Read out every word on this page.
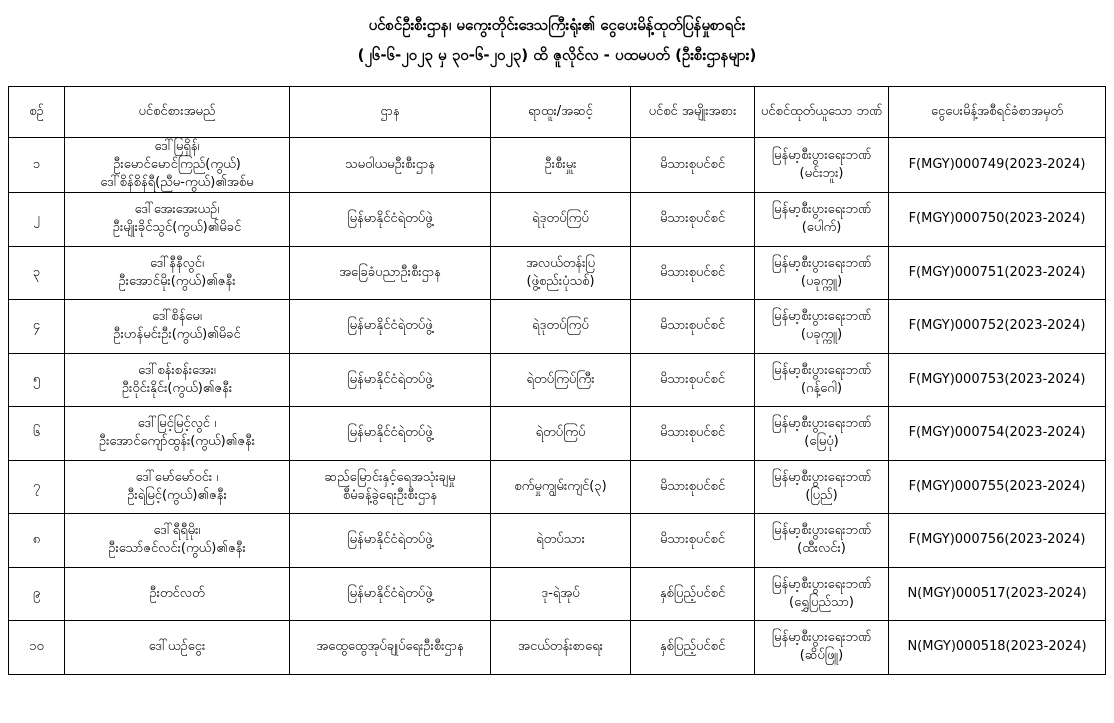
ပင်စင်ဦးစီးဌာန၊ မကွေးတိုင်းဒေသကြီးရုံး၏ ငွေပေးမိန့်ထုတ်ပြန်မှုစာရင်း
(၂၆-၆-၂၀၂၃ မှ ၃၀-၆-၂၀၂၃) ထိ ဇူလိုင်လ - ပထမပတ် (ဦးစီးဌာနများ)
စဉ်	ပင်စင်စားအမည်	ဌာန	ရာထူး/အဆင့်	ပင်စင် အမျိုးအစား	ပင်စင်ထုတ်ယူသော ဘဏ်	ငွေပေးမိန့်အစီရင်ခံစာအမှတ်
၁	ဒေါ်မြရှိန်၊
ဦးမောင်မောင်ကြည်(ကွယ်)
ဒေါ်စိန်စိန်ရီ(ညီမ-ကွယ်)၏အစ်မ	သမဝါယမဦးစီးဌာန	ဦးစီးမှူး	မိသားစုပင်စင်	မြန်မာ့စီးပွားရေးဘဏ်
(မင်းဘူး)	F(MGY)000749(2023-2024)
၂	ဒေါ်အေးအေးယဉ်၊
ဦးမျိုးခိုင်သွင်(ကွယ်)၏မိခင်	မြန်မာနိုင်ငံရဲတပ်ဖွဲ့	ရဲဒုတပ်ကြပ်	မိသားစုပင်စင်	မြန်မာ့စီးပွားရေးဘဏ်
(ပေါက်)	F(MGY)000750(2023-2024)
၃	ဒေါ်နီနီလွင်၊
ဦးအောင်မိုး(ကွယ်)၏ဇနီး	အခြေခံပညာဦးစီးဌာန	အလယ်တန်းပြ
(ဖွဲ့စည်းပုံသစ်)	မိသားစုပင်စင်	မြန်မာ့စီးပွားရေးဘဏ်
(ပခုက္ကူ)	F(MGY)000751(2023-2024)
၄	ဒေါ်စိန်မေ၊
ဦးဟန်မင်းဦး(ကွယ်)၏မိခင်	မြန်မာနိုင်ငံရဲတပ်ဖွဲ့	ရဲဒုတပ်ကြပ်	မိသားစုပင်စင်	မြန်မာ့စီးပွားရေးဘဏ်
(ပခုက္ကူ)	F(MGY)000752(2023-2024)
၅	ဒေါ်စန်းစန်းအေး၊
ဦးဝိုင်းနိုင်း(ကွယ်)၏ဇနီး	မြန်မာနိုင်ငံရဲတပ်ဖွဲ့	ရဲတပ်ကြပ်ကြီး	မိသားစုပင်စင်	မြန်မာ့စီးပွားရေးဘဏ်
(ဂန့်ဂေါ)	F(MGY)000753(2023-2024)
၆	ဒေါ်မြင့်မြင့်လွင် ၊
ဦးအောင်ကျော်ထွန်း(ကွယ်)၏ဇနီး	မြန်မာနိုင်ငံရဲတပ်ဖွဲ့	ရဲတပ်ကြပ်	မိသားစုပင်စင်	မြန်မာ့စီးပွားရေးဘဏ်
(မြေပုံ)	F(MGY)000754(2023-2024)
၇	ဒေါ်မော်မော်ဝင်း ၊
ဦးရဲမြင့်(ကွယ်)၏ဇနီး	ဆည်မြောင်းနှင့်ရေအသုံးချမှု
စီမံခန့်ခွဲရေးဦးစီးဌာန	စက်မှုကျွမ်းကျင်(၃)	မိသားစုပင်စင်	မြန်မာ့စီးပွားရေးဘဏ်
(ပြည်)	F(MGY)000755(2023-2024)
၈	ဒေါ်ရီရီမိုး၊
ဦးသော်ဇင်လင်း(ကွယ်)၏ဇနီး	မြန်မာနိုင်ငံရဲတပ်ဖွဲ့	ရဲတပ်သား	မိသားစုပင်စင်	မြန်မာ့စီးပွားရေးဘဏ်
(ထီးလင်း)	F(MGY)000756(2023-2024)
၉	ဦးတင်လတ်	မြန်မာနိုင်ငံရဲတပ်ဖွဲ့	ဒု-ရဲအုပ်	နှစ်ပြည့်ပင်စင်	မြန်မာ့စီးပွားရေးဘဏ်
(ရွှေပြည်သာ)	N(MGY)000517(2023-2024)
၁၀	ဒေါ်ယဉ်ငွေး	အထွေထွေအုပ်ချုပ်ရေးဦးစီးဌာန	အငယ်တန်းစာရေး	နှစ်ပြည့်ပင်စင်	မြန်မာ့စီးပွားရေးဘဏ်
(ဆိပ်ဖြူ)	N(MGY)000518(2023-2024)
